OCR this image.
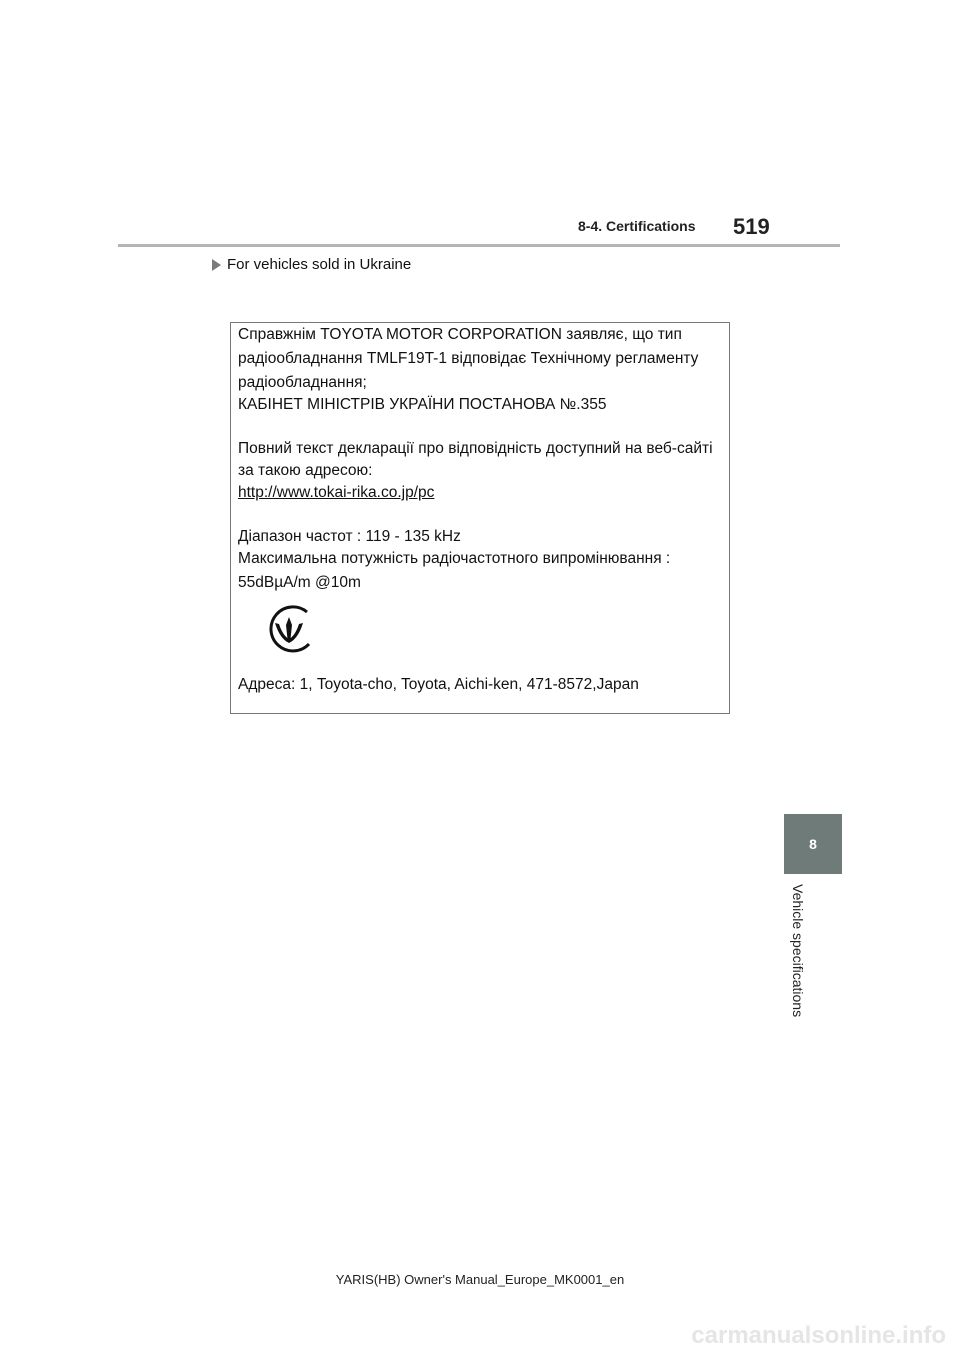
8-4. Certifications 519
For vehicles sold in Ukraine
Справжнім TOYOTA MOTOR CORPORATION заявляє, що тип
радіообладнання TMLF19T-1 відповідає Технічному регламенту
радіообладнання;
КАБІНЕТ МІНІСТРІВ УКРАЇНИ ПОСТАНОВА №.355
Повний текст декларації про відповідність доступний на веб-сайті
за такою адресою:
http://www.tokai-rika.co.jp/pc
Діапазон частот : 119 - 135 kHz
Максимальна потужність радіочастотного випромінювання :
55dBµA/m @10m
Адреса: 1, Toyota-cho, Toyota, Aichi-ken, 471-8572,Japan
8
Vehicle specifications
YARIS(HB) Owner's Manual_Europe_MK0001_en
carmanualsonline.info
